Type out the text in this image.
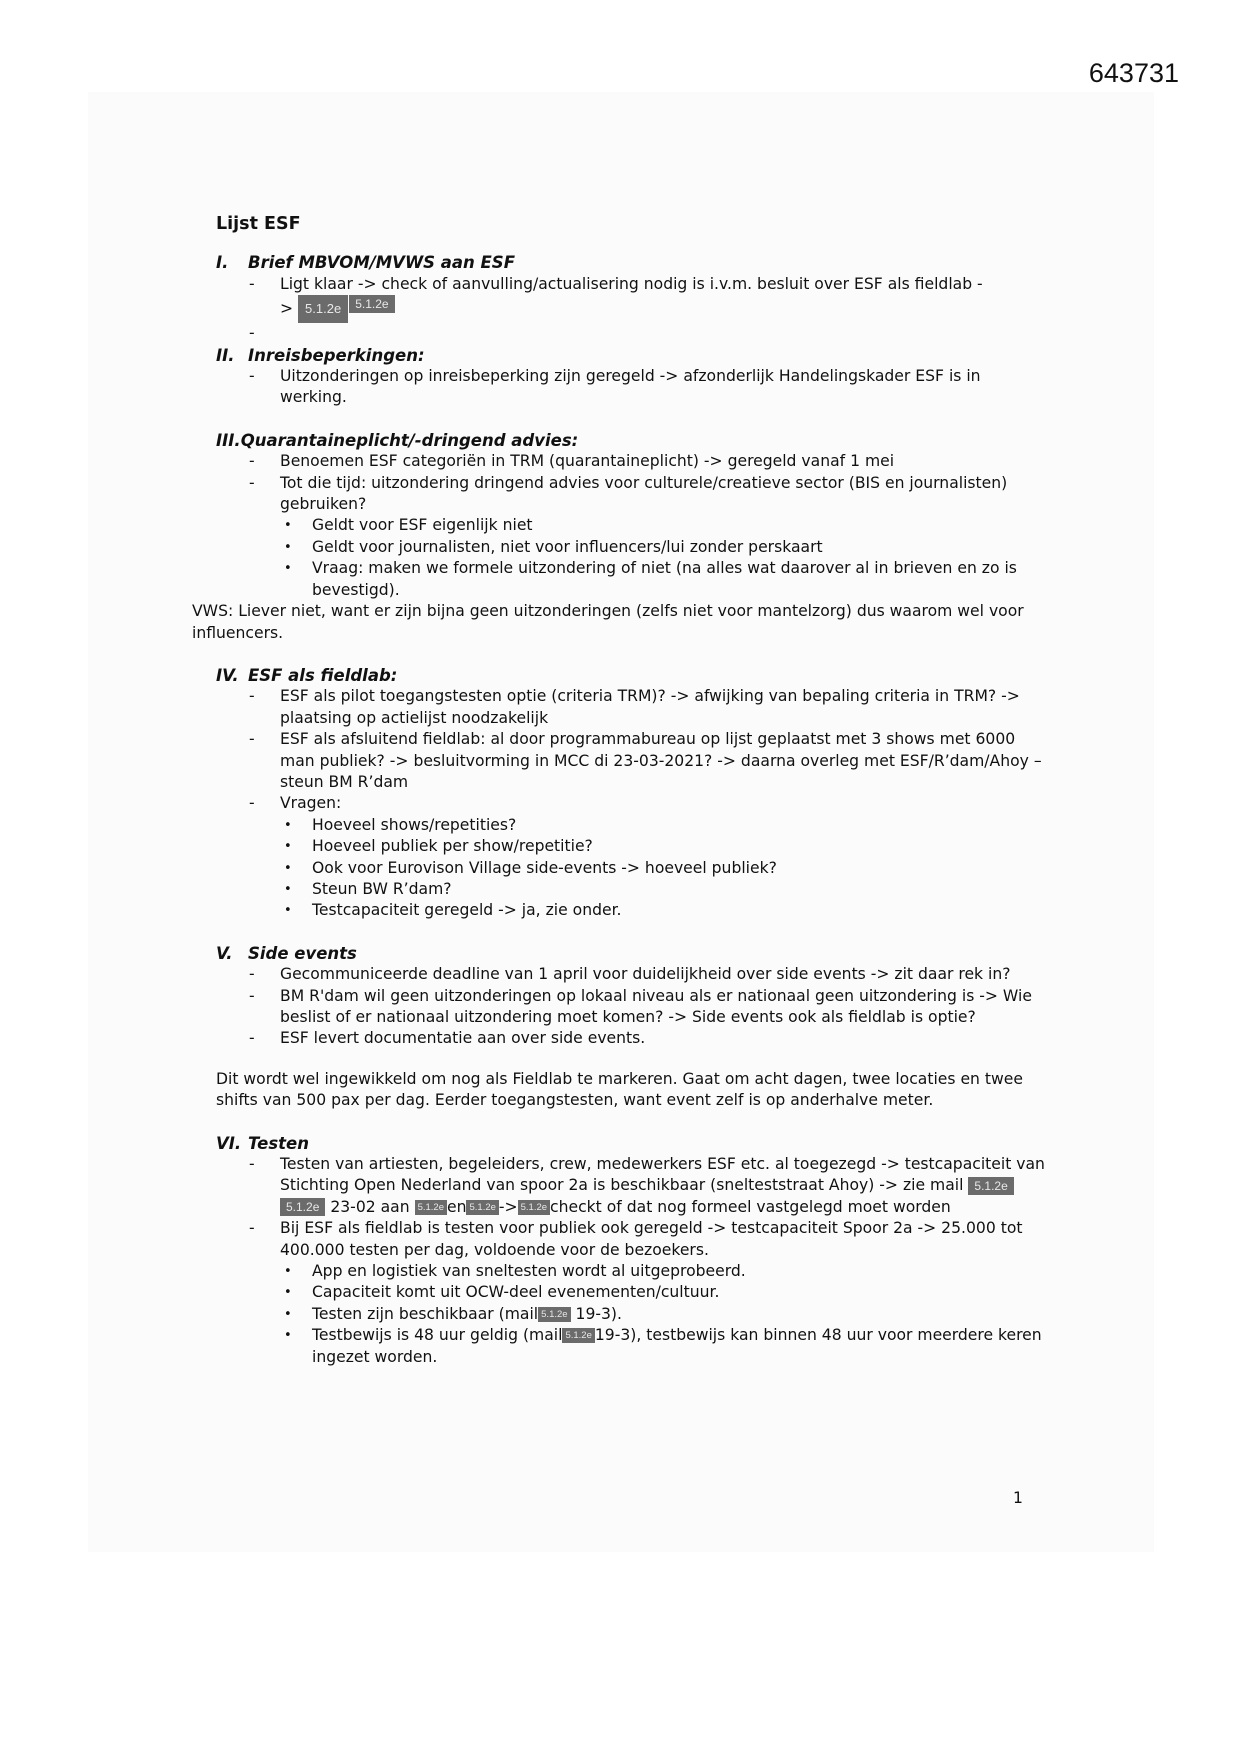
643731

Lijst ESF

I. Brief MBVOM/MVWS aan ESF

- Ligt klaar -> check of aanvulling/actualisering nodig is i.v.m. besluit over ESF als fieldlab -
> 5.1.2e 5.1.2e
-

II. Inreisbeperkingen:

- Uitzonderingen op inreisbeperking zijn geregeld -> afzonderlijk Handelingskader ESF is in werking.

III.Quarantaineplicht/-dringend advies:

- Benoemen ESF categoriën in TRM (quarantaineplicht) -> geregeld vanaf 1 mei
- Tot die tijd: uitzondering dringend advies voor culturele/creatieve sector (BIS en journalisten) gebruiken?
• Geldt voor ESF eigenlijk niet
• Geldt voor journalisten, niet voor influencers/lui zonder perskaart
• Vraag: maken we formele uitzondering of niet (na alles wat daarover al in brieven en zo is bevestigd).

VWS: Liever niet, want er zijn bijna geen uitzonderingen (zelfs niet voor mantelzorg) dus waarom wel voor influencers.

IV. ESF als fieldlab:

- ESF als pilot toegangstesten optie (criteria TRM)? -> afwijking van bepaling criteria in TRM? -> plaatsing op actielijst noodzakelijk
- ESF als afsluitend fieldlab: al door programmabureau op lijst geplaatst met 3 shows met 6000 man publiek? -> besluitvorming in MCC di 23-03-2021? -> daarna overleg met ESF/R’dam/Ahoy – steun BM R’dam
- Vragen:
• Hoeveel shows/repetities?
• Hoeveel publiek per show/repetitie?
• Ook voor Eurovison Village side-events -> hoeveel publiek?
• Steun BW R’dam?
• Testcapaciteit geregeld -> ja, zie onder.

V. Side events

- Gecommuniceerde deadline van 1 april voor duidelijkheid over side events -> zit daar rek in?
- BM R'dam wil geen uitzonderingen op lokaal niveau als er nationaal geen uitzondering is -> Wie beslist of er nationaal uitzondering moet komen? -> Side events ook als fieldlab is optie?
- ESF levert documentatie aan over side events.

Dit wordt wel ingewikkeld om nog als Fieldlab te markeren. Gaat om acht dagen, twee locaties en twee shifts van 500 pax per dag. Eerder toegangstesten, want event zelf is op anderhalve meter.

VI. Testen

- Testen van artiesten, begeleiders, crew, medewerkers ESF etc. al toegezegd -> testcapaciteit van Stichting Open Nederland van spoor 2a is beschikbaar (snelteststraat Ahoy) -> zie mail 5.1.2e 5.1.2e 23-02 aan 5.1.2e en 5.1.2e -> 5.1.2e checkt of dat nog formeel vastgelegd moet worden
- Bij ESF als fieldlab is testen voor publiek ook geregeld -> testcapaciteit Spoor 2a -> 25.000 tot 400.000 testen per dag, voldoende voor de bezoekers.
• App en logistiek van sneltesten wordt al uitgeprobeerd.
• Capaciteit komt uit OCW-deel evenementen/cultuur.
• Testen zijn beschikbaar (mail 5.1.2e 19-3).
• Testbewijs is 48 uur geldig (mail 5.1.2e 19-3), testbewijs kan binnen 48 uur voor meerdere keren ingezet worden.
1
